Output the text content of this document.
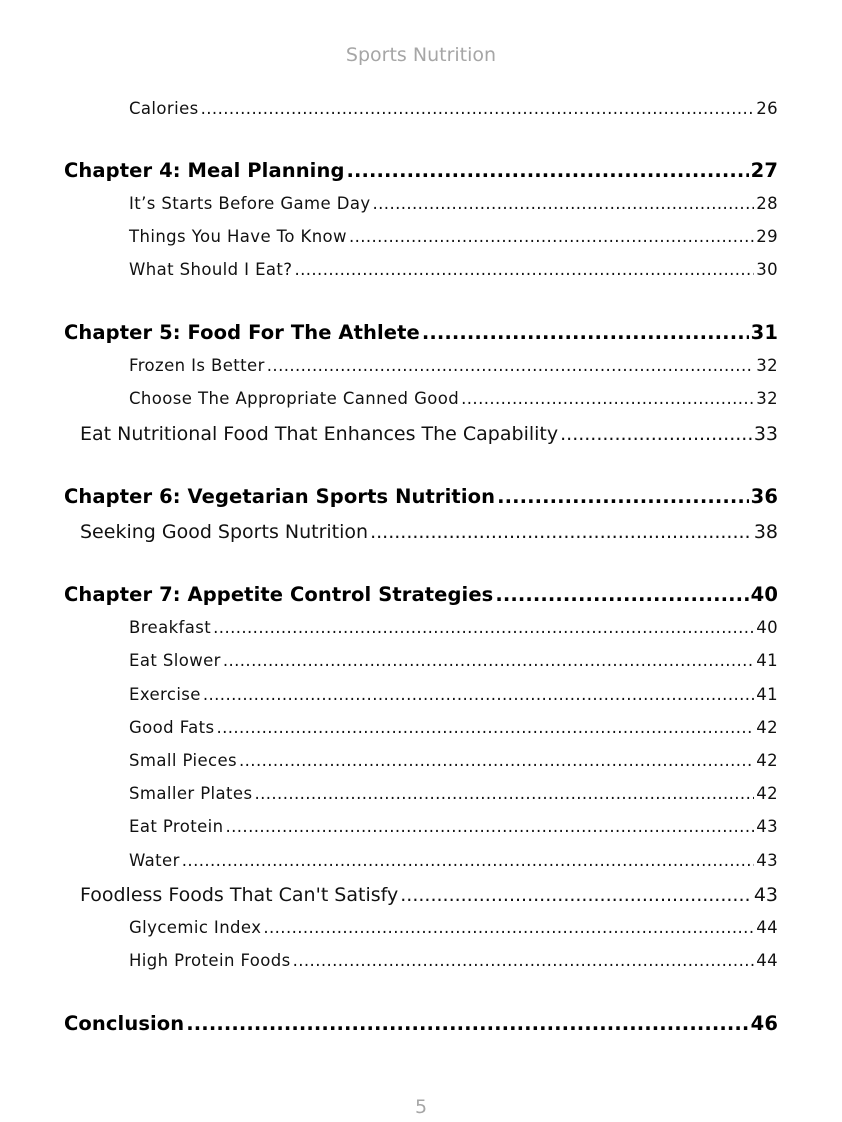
Sports Nutrition
Calories .....	26
Chapter 4: Meal Planning .....	27
It’s Starts Before Game Day .....	28
Things You Have To Know .....	29
What Should I Eat? .....	30
Chapter 5: Food For The Athlete .....	31
Frozen Is Better .....	32
Choose The Appropriate Canned Good .....	32
Eat Nutritional Food That Enhances The Capability .....	33
Chapter 6: Vegetarian Sports Nutrition .....	36
Seeking Good Sports Nutrition .....	38
Chapter 7: Appetite Control Strategies .....	40
Breakfast .....	40
Eat Slower .....	41
Exercise .....	41
Good Fats .....	42
Small Pieces .....	42
Smaller Plates .....	42
Eat Protein .....	43
Water .....	43
Foodless Foods That Can't Satisfy .....	43
Glycemic Index .....	44
High Protein Foods .....	44
Conclusion .....	46
5
